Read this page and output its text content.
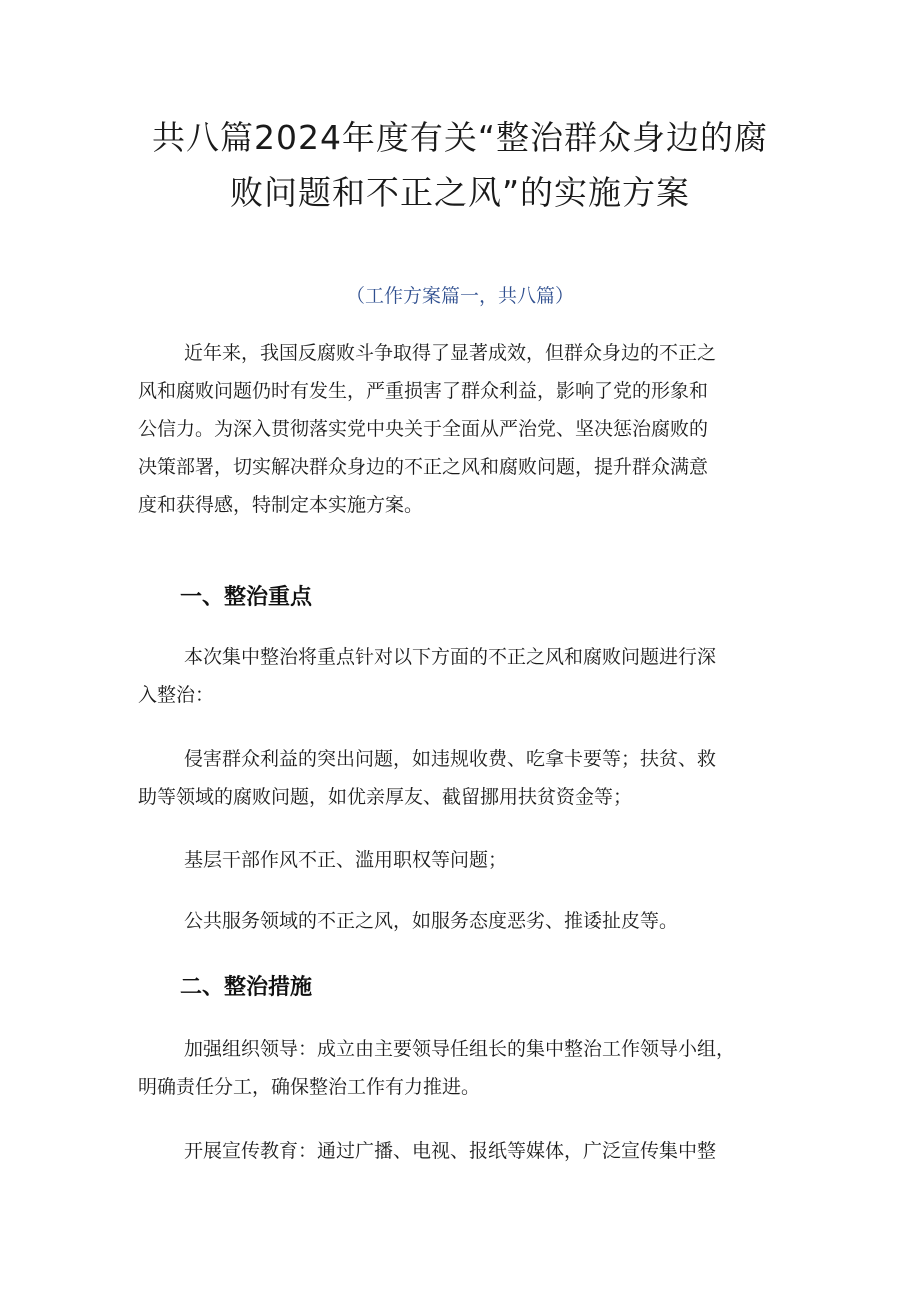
共八篇2024年度有关“整治群众身边的腐
败问题和不正之风”的实施方案
（工作方案篇一，共八篇）
近年来，我国反腐败斗争取得了显著成效，但群众身边的不正之
风和腐败问题仍时有发生，严重损害了群众利益，影响了党的形象和
公信力。为深入贯彻落实党中央关于全面从严治党、坚决惩治腐败的
决策部署，切实解决群众身边的不正之风和腐败问题，提升群众满意
度和获得感，特制定本实施方案。
一、整治重点
本次集中整治将重点针对以下方面的不正之风和腐败问题进行深
入整治：
侵害群众利益的突出问题，如违规收费、吃拿卡要等；扶贫、救
助等领域的腐败问题，如优亲厚友、截留挪用扶贫资金等；
基层干部作风不正、滥用职权等问题；
公共服务领域的不正之风，如服务态度恶劣、推诿扯皮等。
二、整治措施
加强组织领导：成立由主要领导任组长的集中整治工作领导小组，
明确责任分工，确保整治工作有力推进。
开展宣传教育：通过广播、电视、报纸等媒体，广泛宣传集中整
